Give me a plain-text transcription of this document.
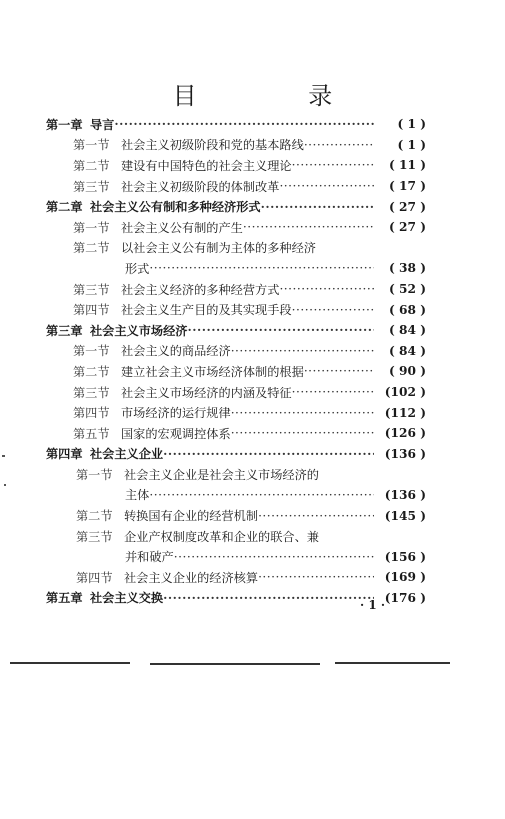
目 录
第一章 导言 ·····	( 1 )
第一节 社会主义初级阶段和党的基本路线 ·····	( 1 )
第二节 建设有中国特色的社会主义理论 ·····	( 11 )
第三节 社会主义初级阶段的体制改革 ·····	( 17 )
第二章 社会主义公有制和多种经济形式 ·····	( 27 )
第一节 社会主义公有制的产生 ·····	( 27 )
第二节 以社会主义公有制为主体的多种经济
形式 ·····	( 38 )
第三节 社会主义经济的多种经营方式 ·····	( 52 )
第四节 社会主义生产目的及其实现手段 ·····	( 68 )
第三章 社会主义市场经济 ·····	( 84 )
第一节 社会主义的商品经济 ·····	( 84 )
第二节 建立社会主义市场经济体制的根据 ·····	( 90 )
第三节 社会主义市场经济的内涵及特征 ·····	(102 )
第四节 市场经济的运行规律 ·····	(112 )
第五节 国家的宏观调控体系 ·····	(126 )
第四章 社会主义企业 ·····	(136 )
第一节 社会主义企业是社会主义市场经济的
主体 ·····	(136 )
第二节 转换国有企业的经营机制 ·····	(145 )
第三节 企业产权制度改革和企业的联合、兼
并和破产 ·····	(156 )
第四节 社会主义企业的经济核算 ·····	(169 )
第五章 社会主义交换 ·····	(176 )
· 1 ·
